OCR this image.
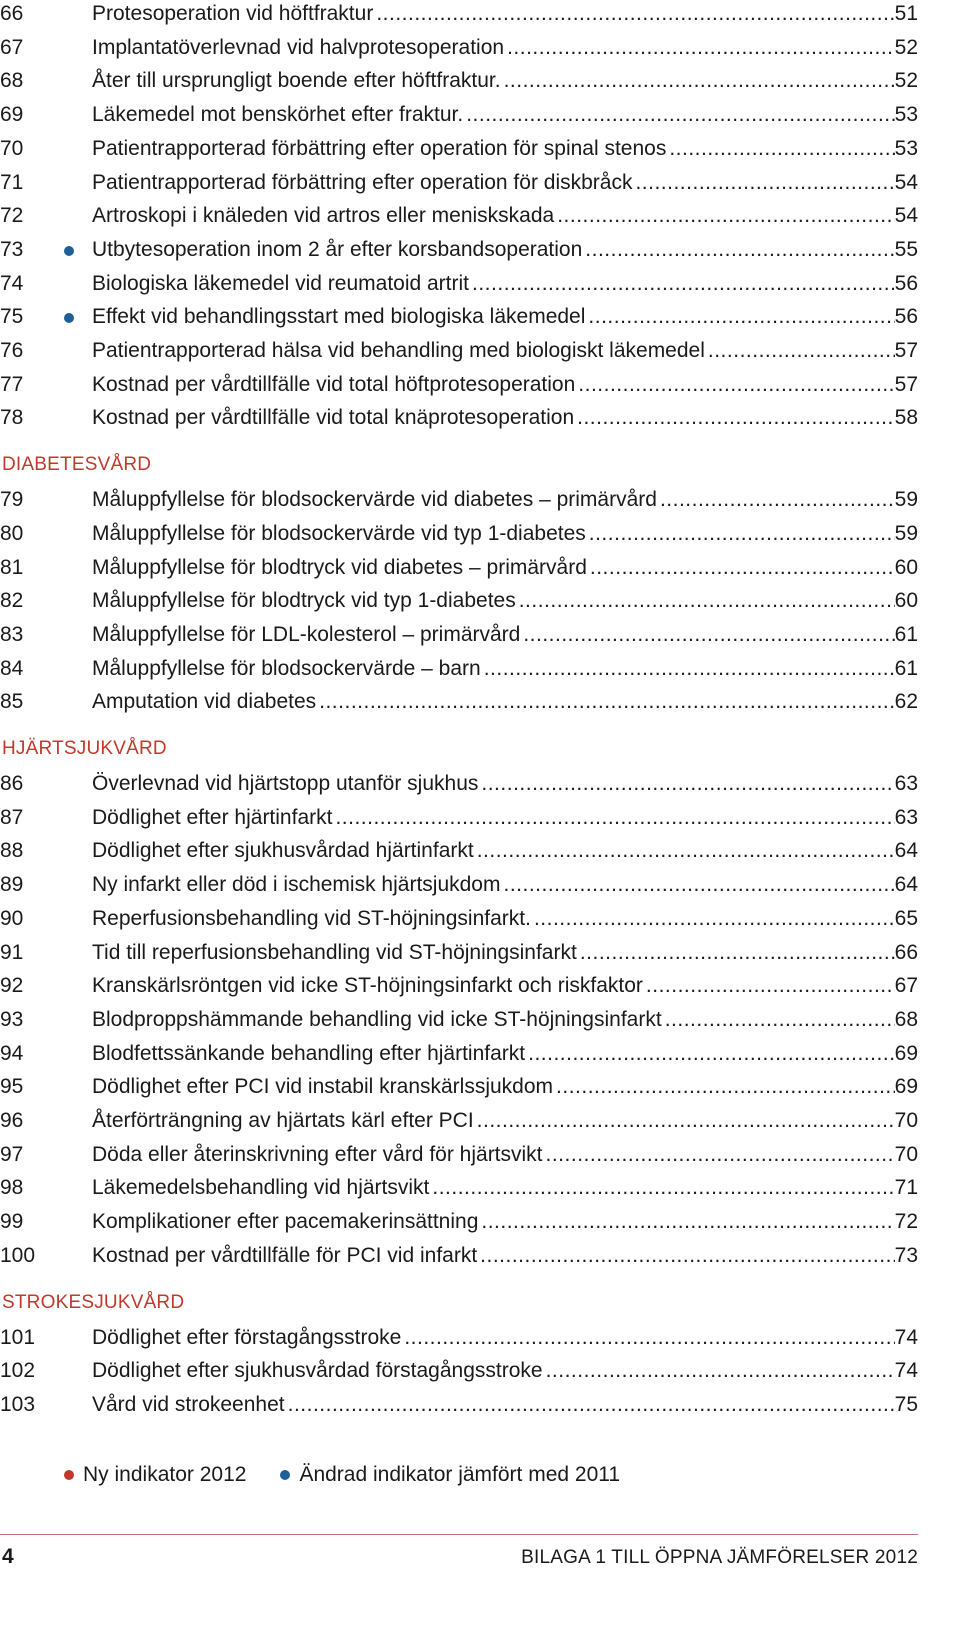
66	Protesoperation vid höftfraktur .....	51
67	Implantatöverlevnad vid halvprotesoperation .....	52
68	Åter till ursprungligt boende efter höftfraktur. .....	52
69	Läkemedel mot benskörhet efter fraktur. .....	53
70	Patientrapporterad förbättring efter operation för spinal stenos .....	53
71	Patientrapporterad förbättring efter operation för diskbråck .....	54
72	Artroskopi i knäleden vid artros eller meniskskada .....	54
73	Utbytesoperation inom 2 år efter korsbandsoperation .....	55
74	Biologiska läkemedel vid reumatoid artrit .....	56
75	Effekt vid behandlingsstart med biologiska läkemedel .....	56
76	Patientrapporterad hälsa vid behandling med biologiskt läkemedel .....	57
77	Kostnad per vårdtillfälle vid total höftprotesoperation .....	57
78	Kostnad per vårdtillfälle vid total knäprotesoperation .....	58
DIABETESVÅRD
79	Måluppfyllelse för blodsockervärde vid diabetes – primärvård .....	59
80	Måluppfyllelse för blodsockervärde vid typ 1-diabetes .....	59
81	Måluppfyllelse för blodtryck vid diabetes – primärvård .....	60
82	Måluppfyllelse för blodtryck vid typ 1-diabetes .....	60
83	Måluppfyllelse för LDL-kolesterol – primärvård .....	61
84	Måluppfyllelse för blodsockervärde – barn .....	61
85	Amputation vid diabetes .....	62
HJÄRTSJUKVÅRD
86	Överlevnad vid hjärtstopp utanför sjukhus .....	63
87	Dödlighet efter hjärtinfarkt .....	63
88	Dödlighet efter sjukhusvårdad hjärtinfarkt .....	64
89	Ny infarkt eller död i ischemisk hjärtsjukdom .....	64
90	Reperfusionsbehandling vid ST-höjningsinfarkt. .....	65
91	Tid till reperfusionsbehandling vid ST-höjningsinfarkt .....	66
92	Kranskärlsröntgen vid icke ST-höjningsinfarkt och riskfaktor .....	67
93	Blodproppshämmande behandling vid icke ST-höjningsinfarkt .....	68
94	Blodfettssänkande behandling efter hjärtinfarkt .....	69
95	Dödlighet efter PCI vid instabil kranskärlssjukdom .....	69
96	Återförträngning av hjärtats kärl efter PCI .....	70
97	Döda eller återinskrivning efter vård för hjärtsvikt .....	70
98	Läkemedelsbehandling vid hjärtsvikt .....	71
99	Komplikationer efter pacemakerinsättning .....	72
100	Kostnad per vårdtillfälle för PCI vid infarkt .....	73
STROKESJUKVÅRD
101	Dödlighet efter förstagångsstroke .....	74
102	Dödlighet efter sjukhusvårdad förstagångsstroke .....	74
103	Vård vid strokeenhet .....	75
Ny indikator 2012	Ändrad indikator jämfört med 2011
4	BILAGA 1 TILL ÖPPNA JÄMFÖRELSER 2012
